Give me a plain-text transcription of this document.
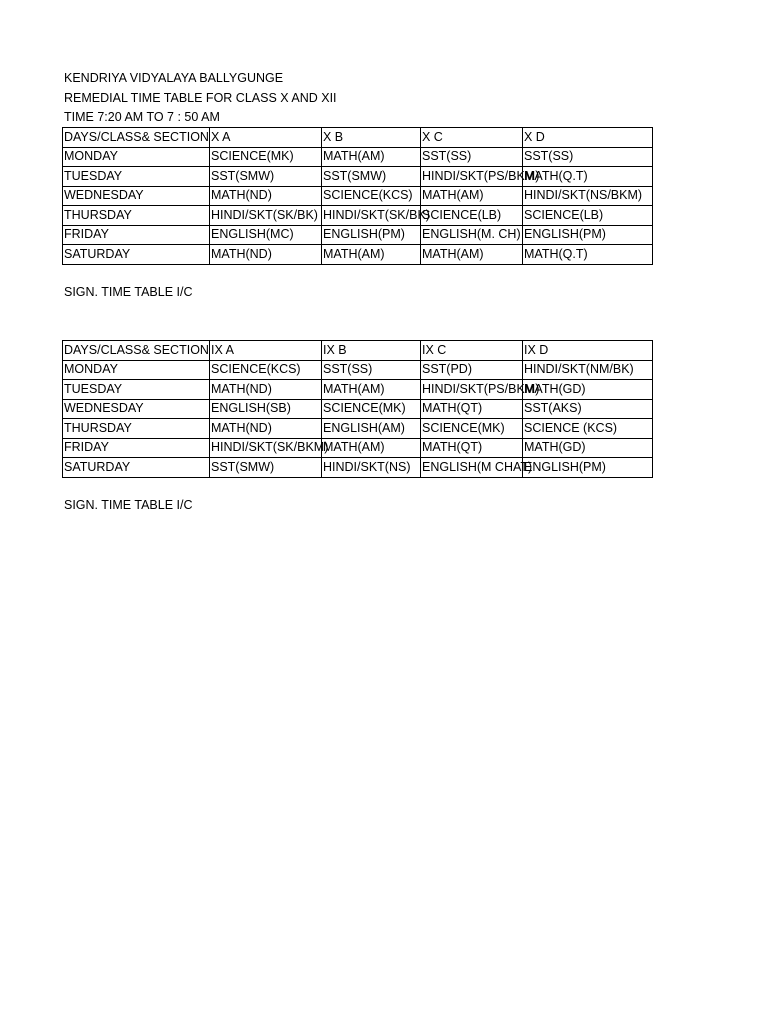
KENDRIYA VIDYALAYA BALLYGUNGE
REMEDIAL TIME TABLE FOR CLASS X AND XII
TIME 7:20 AM TO 7 : 50 AM
DAYS/CLASS& SECTION	X A	X B	X C	X D
MONDAY	SCIENCE(MK)	MATH(AM)	SST(SS)	SST(SS)
TUESDAY	SST(SMW)	SST(SMW)	HINDI/SKT(PS/BKM)	MATH(Q.T)
WEDNESDAY	MATH(ND)	SCIENCE(KCS)	MATH(AM)	HINDI/SKT(NS/BKM)
THURSDAY	HINDI/SKT(SK/BK)	HINDI/SKT(SK/BK)	SCIENCE(LB)	SCIENCE(LB)
FRIDAY	ENGLISH(MC)	ENGLISH(PM)	ENGLISH(M. CH)	ENGLISH(PM)
SATURDAY	MATH(ND)	MATH(AM)	MATH(AM)	MATH(Q.T)
SIGN. TIME TABLE I/C
DAYS/CLASS& SECTION	IX A	IX B	IX C	IX D
MONDAY	SCIENCE(KCS)	SST(SS)	SST(PD)	HINDI/SKT(NM/BK)
TUESDAY	MATH(ND)	MATH(AM)	HINDI/SKT(PS/BKM)	MATH(GD)
WEDNESDAY	ENGLISH(SB)	SCIENCE(MK)	MATH(QT)	SST(AKS)
THURSDAY	MATH(ND)	ENGLISH(AM)	SCIENCE(MK)	SCIENCE (KCS)
FRIDAY	HINDI/SKT(SK/BKM)	MATH(AM)	MATH(QT)	MATH(GD)
SATURDAY	SST(SMW)	HINDI/SKT(NS)	ENGLISH(M CHAT)	ENGLISH(PM)
SIGN. TIME TABLE I/C
